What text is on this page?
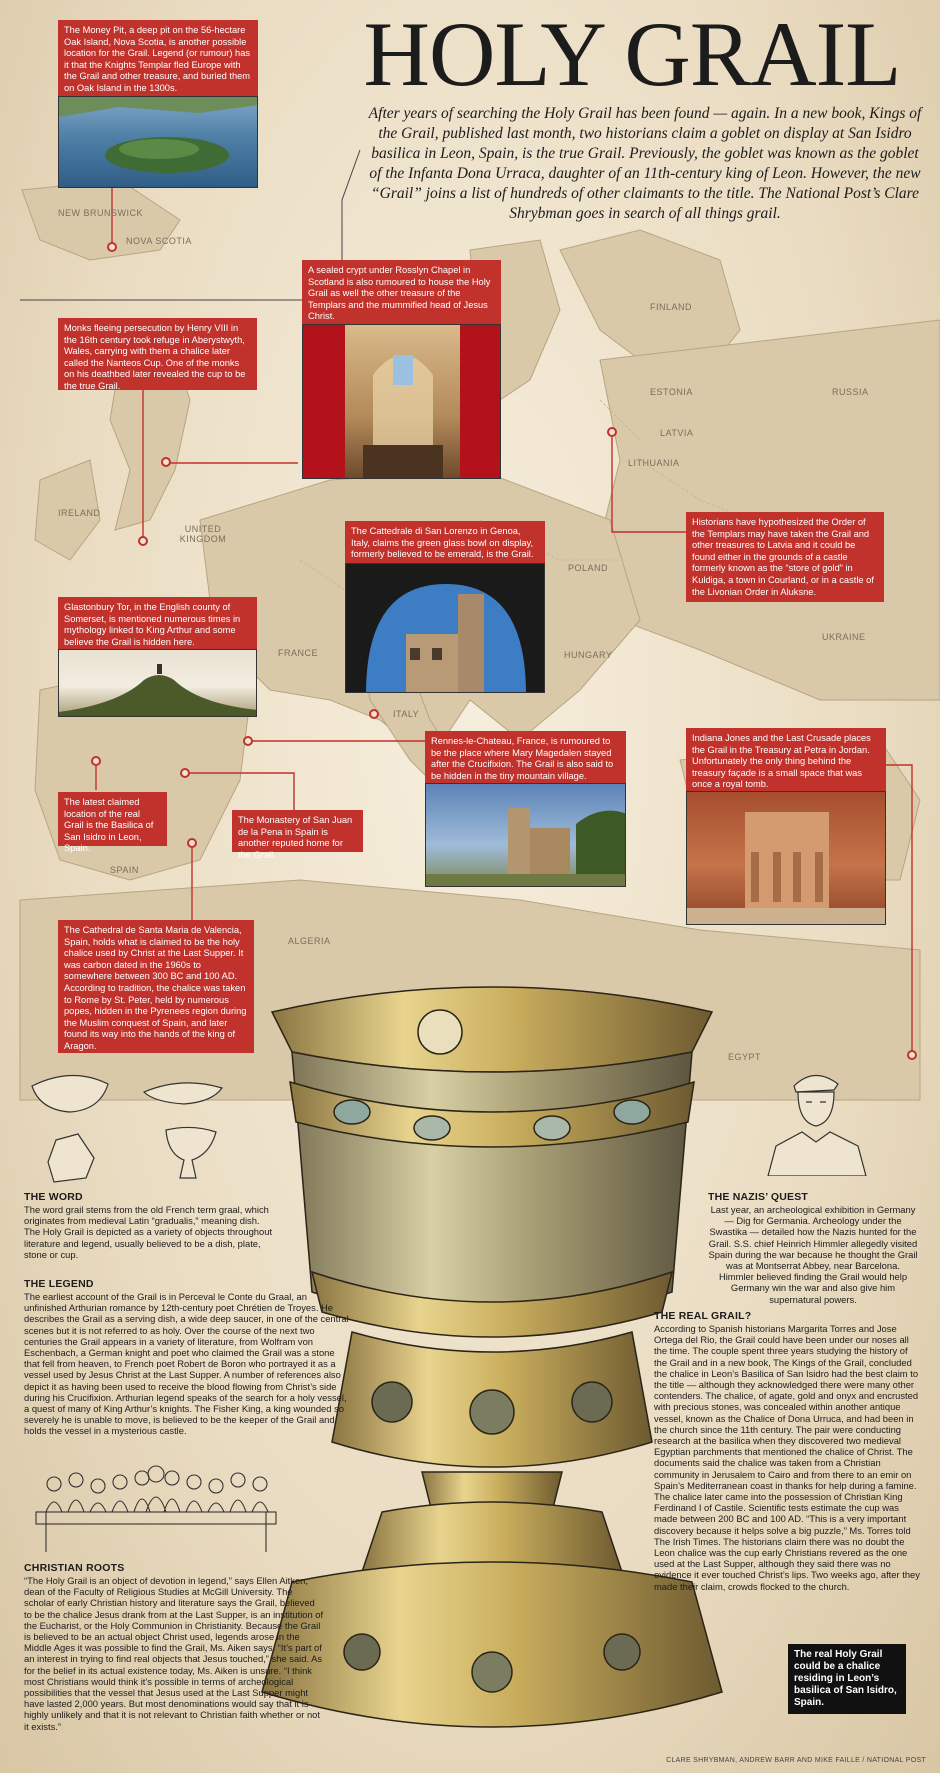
NEW BRUNSWICK
NOVA SCOTIA
FINLAND
ESTONIA	RUSSIA
LATVIA
LITHUANIA
IRELAND
UNITED KINGDOM
POLAND
UKRAINE
FRANCE	HUNGARY
ITALY
SPAIN
ALGERIA
EGYPT
HOLY GRAIL
After years of searching the Holy Grail has been found — again. In a new book, Kings of the Grail, published last month, two historians claim a goblet on display at San Isidro basilica in Leon, Spain, is the true Grail. Previously, the goblet was known as the goblet of the Infanta Dona Urraca, daughter of an 11th-century king of Leon. However, the new “Grail” joins a list of hundreds of other claimants to the title. The National Post’s Clare Shrybman goes in search of all things grail.
The Money Pit, a deep pit on the 56-hectare Oak Island, Nova Scotia, is another possible location for the Grail. Legend (or rumour) has it that the Knights Templar fled Europe with the Grail and other treasure, and buried them on Oak Island in the 1300s.
A sealed crypt under Rosslyn Chapel in Scotland is also rumoured to house the Holy Grail as well the other treasure of the Templars and the mummified head of Jesus Christ.
Monks fleeing persecution by Henry VIII in the 16th century took refuge in Aberystwyth, Wales, carrying with them a chalice later called the Nanteos Cup. One of the monks on his deathbed later revealed the cup to be the true Grail.
Historians have hypothesized the Order of the Templars may have taken the Grail and other treasures to Latvia and it could be found either in the grounds of a castle formerly known as the “store of gold” in Kuldiga, a town in Courland, or in a castle of the Livonian Order in Aluksne.
The Cattedrale di San Lorenzo in Genoa, Italy, claims the green glass bowl on display, formerly believed to be emerald, is the Grail.
Glastonbury Tor, in the English county of Somerset, is mentioned numerous times in mythology linked to King Arthur and some believe the Grail is hidden here.
Rennes-le-Chateau, France, is rumoured to be the place where Mary Magedalen stayed after the Crucifixion. The Grail is also said to be hidden in the tiny mountain village.
Indiana Jones and the Last Crusade places the Grail in the Treasury at Petra in Jordan. Unfortunately the only thing behind the treasury façade is a small space that was once a royal tomb.
The latest claimed location of the real Grail is the Basilica of San Isidro in Leon, Spain.
The Monastery of San Juan de la Pena in Spain is another reputed home for the Grail.
The Cathedral de Santa Maria de Valencia, Spain, holds what is claimed to be the holy chalice used by Christ at the Last Supper. It was carbon dated in the 1960s to somewhere between 300 BC and 100 AD. According to tradition, the chalice was taken to Rome by St. Peter, held by numerous popes, hidden in the Pyrenees region during the Muslim conquest of Spain, and later found its way into the hands of the king of Aragon.
THE WORD

The word grail stems from the old French term graal, which originates from medieval Latin “gradualis,” meaning dish. The Holy Grail is depicted as a variety of objects throughout literature and legend, usually believed to be a dish, plate, stone or cup.

THE LEGEND

The earliest account of the Grail is in Perceval le Conte du Graal, an unfinished Arthurian romance by 12th-century poet Chrétien de Troyes. He describes the Grail as a serving dish, a wide deep saucer, in one of the central scenes but it is not referred to as holy. Over the course of the next two centuries the Grail appears in a variety of literature, from Wolfram von Eschenbach, a German knight and poet who claimed the Grail was a stone that fell from heaven, to French poet Robert de Boron who portrayed it as a vessel used by Jesus Christ at the Last Supper. A number of references also depict it as having been used to receive the blood flowing from Christ’s side during his Crucifixion. Arthurian legend speaks of the search for a holy vessel, a quest of many of King Arthur’s knights. The Fisher King, a king wounded so severely he is unable to move, is believed to be the keeper of the Grail and holds the vessel in a mysterious castle.

CHRISTIAN ROOTS

“The Holy Grail is an object of devotion in legend,” says Ellen Aitken, dean of the Faculty of Religious Studies at McGill University. The scholar of early Christian history and literature says the Grail, believed to be the chalice Jesus drank from at the Last Supper, is an institution of the Eucharist, or the Holy Communion in Christianity. Because the Grail is believed to be an actual object Christ used, legends arose in the Middle Ages it was possible to find the Grail, Ms. Aiken says. “It’s part of an interest in trying to find real objects that Jesus touched,” she said. As for the belief in its actual existence today, Ms. Aiken is unsure. “I think most Christians would think it’s possible in terms of archeological possibilities that the vessel that Jesus used at the Last Supper might have lasted 2,000 years. But most denominations would say that it is highly unlikely and that it is not relevant to Christian faith whether or not it exists.”

THE NAZIS’ QUEST

Last year, an archeological exhibition in Germany — Dig for Germania. Archeology under the Swastika — detailed how the Nazis hunted for the Grail. S.S. chief Heinrich Himmler allegedly visited Spain during the war because he thought the Grail was at Montserrat Abbey, near Barcelona. Himmler believed finding the Grail would help Germany win the war and also give him supernatural powers.

THE REAL GRAIL?

According to Spanish historians Margarita Torres and Jose Ortega del Rio, the Grail could have been under our noses all the time. The couple spent three years studying the history of the Grail and in a new book, The Kings of the Grail, concluded the chalice in Leon’s Basilica of San Isidro had the best claim to the title — although they acknowledged there were many other contenders. The chalice, of agate, gold and onyx and encrusted with precious stones, was concealed within another antique vessel, known as the Chalice of Dona Urruca, and had been in the church since the 11th century. The pair were conducting research at the basilica when they discovered two medieval Egyptian parchments that mentioned the chalice of Christ. The documents said the chalice was taken from a Christian community in Jerusalem to Cairo and from there to an emir on Spain’s Mediterranean coast in thanks for help during a famine. The chalice later came into the possession of Christian King Ferdinand I of Castile. Scientific tests estimate the cup was made between 200 BC and 100 AD. “This is a very important discovery because it helps solve a big puzzle,” Ms. Torres told The Irish Times. The historians claim there was no doubt the Leon chalice was the cup early Christians revered as the one used at the Last Supper, although they said there was no evidence it ever touched Christ’s lips. Two weeks ago, after they made their claim, crowds flocked to the church.

The real Holy Grail could be a chalice residing in Leon’s basilica of San Isidro, Spain.
CLARE SHRYBMAN, ANDREW BARR AND MIKE FAILLE / NATIONAL POST
